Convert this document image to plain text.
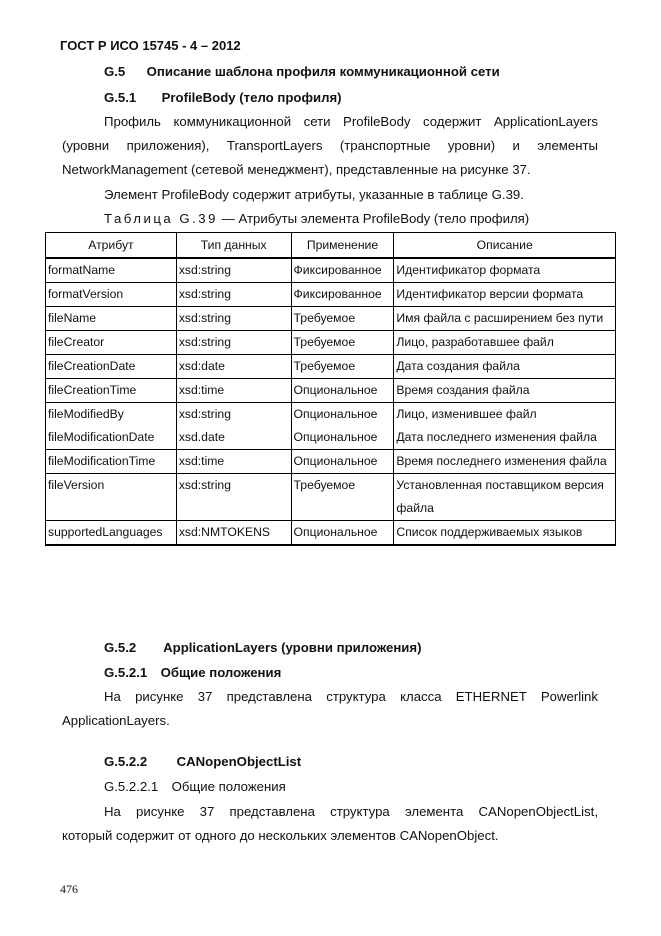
ГОСТ Р ИСО 15745 - 4 – 2012
G.5 Описание шаблона профиля коммуникационной сети
G.5.1 ProfileBody (тело профиля)
Профиль коммуникационной сети ProfileBody содержит ApplicationLayers
(уровни приложения), TransportLayers (транспортные уровни) и элементы
NetworkManagement (сетевой менеджмент), представленные на рисунке 37.
Элемент ProfileBody содержит атрибуты, указанные в таблице G.39.
Таблица G.39 — Атрибуты элемента ProfileBody (тело профиля)
Атрибут	Тип данных	Применение	Описание
formatName	xsd:string	Фиксированное	Идентификатор формата
formatVersion	xsd:string	Фиксированное	Идентификатор версии формата
fileName	xsd:string	Требуемое	Имя файла с расширением без пути
fileCreator	xsd:string	Требуемое	Лицо, разработавшее файл
fileCreationDate	xsd:date	Требуемое	Дата создания файла
fileCreationTime	xsd:time	Опциональное	Время создания файла
fileModifiedBy	xsd:string	Опциональное	Лицо, изменившее файл
fileModificationDate	xsd.date	Опциональное	Дата последнего изменения файла
fileModificationTime	xsd:time	Опциональное	Время последнего изменения файла
fileVersion	xsd:string	Требуемое	Установленная поставщиком версия файла
supportedLanguages	xsd:NMTOKENS	Опциональное	Список поддерживаемых языков
G.5.2 ApplicationLayers (уровни приложения)
G.5.2.1 Общие положения
На рисунке 37 представлена структура класса ETHERNET Powerlink
ApplicationLayers.
G.5.2.2 CANopenObjectList
G.5.2.2.1 Общие положения
На рисунке 37 представлена структура элемента CANopenObjectList,
который содержит от одного до нескольких элементов CANopenObject.
476
